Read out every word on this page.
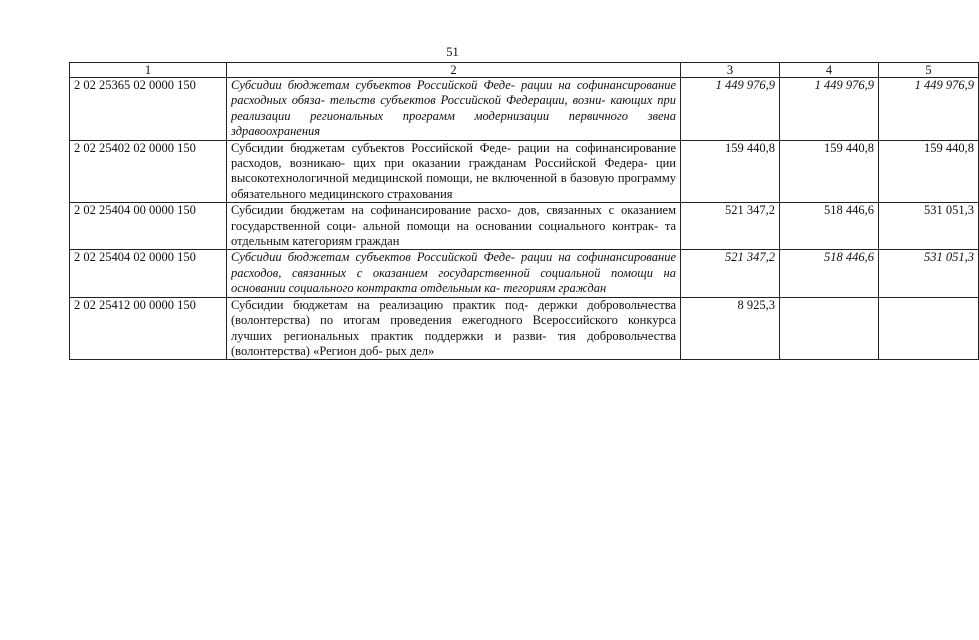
51
1	2	3	4	5
2 02 25365 02 0000 150	Субсидии бюджетам субъектов Российской Феде- рации на софинансирование расходных обяза- тельств субъектов Российской Федерации, возни- кающих при реализации региональных программ модернизации первичного звена здравоохранения	1 449 976,9	1 449 976,9	1 449 976,9
2 02 25402 02 0000 150	Субсидии бюджетам субъектов Российской Феде- рации на софинансирование расходов, возникаю- щих при оказании гражданам Российской Федера- ции высокотехнологичной медицинской помощи, не включенной в базовую программу обязательного медицинского страхования	159 440,8	159 440,8	159 440,8
2 02 25404 00 0000 150	Субсидии бюджетам на софинансирование расхо- дов, связанных с оказанием государственной соци- альной помощи на основании социального контрак- та отдельным категориям граждан	521 347,2	518 446,6	531 051,3
2 02 25404 02 0000 150	Субсидии бюджетам субъектов Российской Феде- рации на софинансирование расходов, связанных с оказанием государственной социальной помощи на основании социального контракта отдельным ка- тегориям граждан	521 347,2	518 446,6	531 051,3
2 02 25412 00 0000 150	Субсидии бюджетам на реализацию практик под- держки добровольчества (волонтерства) по итогам проведения ежегодного Всероссийского конкурса лучших региональных практик поддержки и разви- тия добровольчества (волонтерства) «Регион доб- рых дел»	8 925,3		
